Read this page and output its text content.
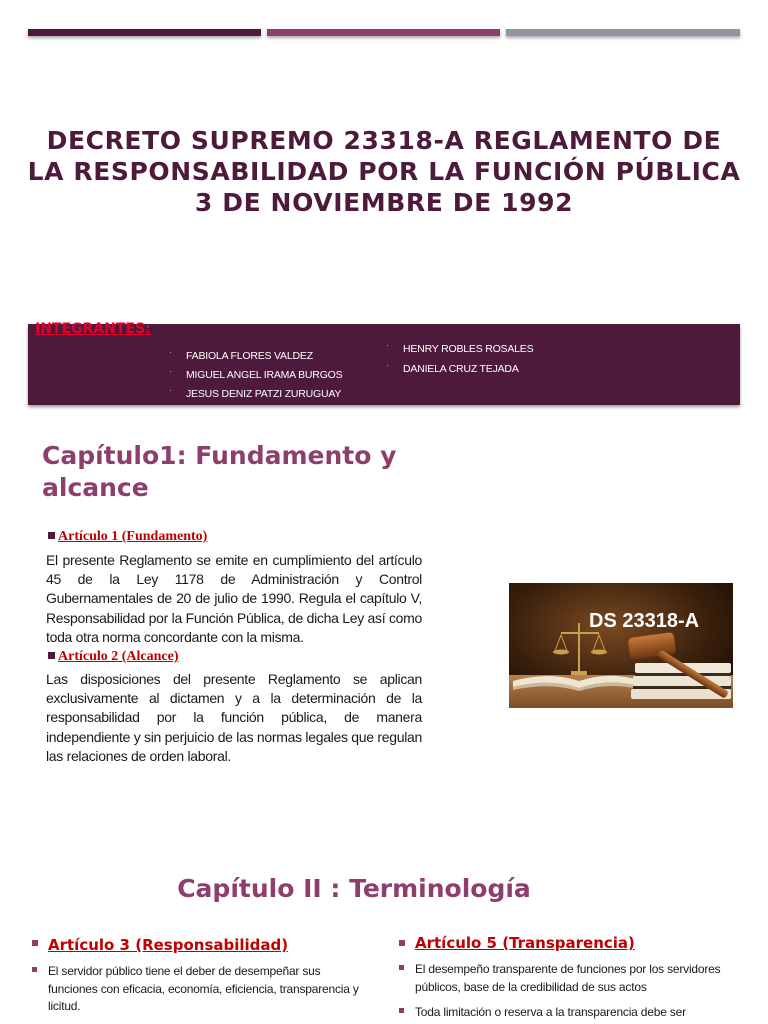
DECRETO SUPREMO 23318-A REGLAMENTO DE
LA RESPONSABILIDAD POR LA FUNCIÓN PÚBLICA
3 DE NOVIEMBRE DE 1992
INTEGRANTES:
· FABIOLA FLORES VALDEZ
· MIGUEL ANGEL IRAMA BURGOS
· JESUS DENIZ PATZI ZURUGUAY
· HENRY ROBLES ROSALES
· DANIELA CRUZ TEJADA
Capítulo1: Fundamento y alcance
Artículo 1 (Fundamento)
El presente Reglamento se emite en cumplimiento del artículo 45 de la Ley 1178 de Administración y Control Gubernamentales de 20 de julio de 1990. Regula el capítulo V, Responsabilidad por la Función Pública, de dicha Ley así como toda otra norma concordante con la misma.
Artículo 2 (Alcance)
Las disposiciones del presente Reglamento se aplican exclusivamente al dictamen y a la determinación de la responsabilidad por la función pública, de manera independiente y sin perjuicio de las normas legales que regulan las relaciones de orden laboral.
DS 23318-A
Capítulo II : Terminología
Artículo 3 (Responsabilidad)
El servidor público tiene el deber de desempeñar sus funciones con eficacia, economía, eficiencia, transparencia y licitud.
Artículo 5 (Transparencia)
El desempeño transparente de funciones por los servidores públicos, base de la credibilidad de sus actos
Toda limitación o reserva a la transparencia debe ser
